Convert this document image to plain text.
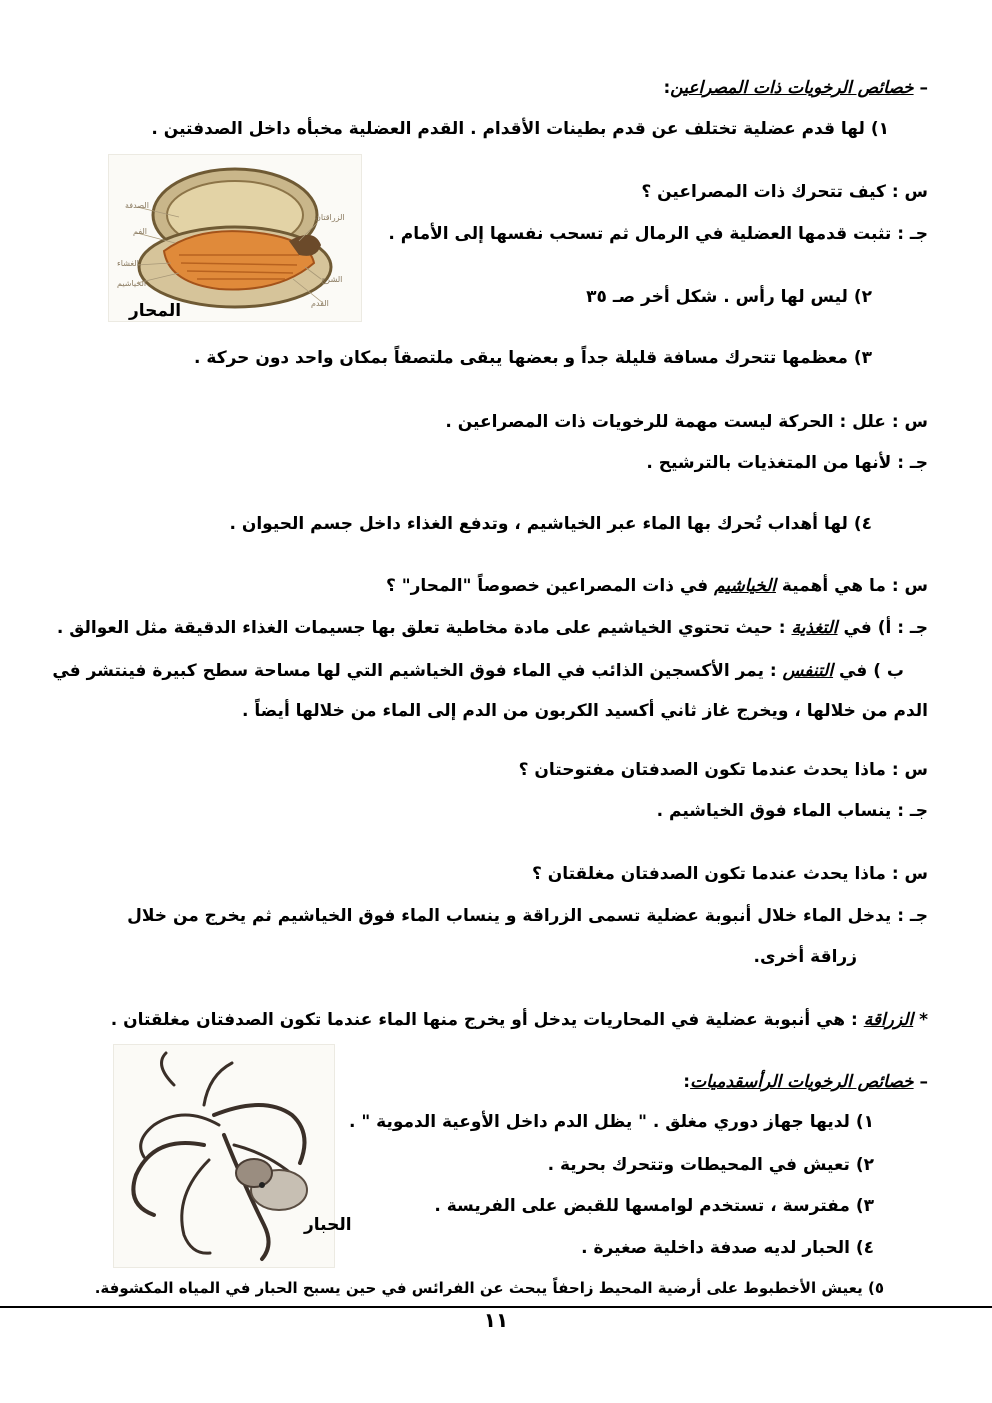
– خصائص الرخويات ذات المصراعين:
١) لها قدم عضلية تختلف عن قدم بطينات الأقدام . القدم العضلية مخبأه داخل الصدفتين .
س : كيف تتحرك ذات المصراعين ؟
جـ : تثبت قدمها العضلية في الرمال ثم تسحب نفسها إلى الأمام .
٢) ليس لها رأس . شكل أخر صـ ٣٥
٣) معظمها تتحرك مسافة قليلة جداً و بعضها يبقى ملتصقاً بمكان واحد دون حركة .
س : علل : الحركة ليست مهمة للرخويات ذات المصراعين .
جـ : لأنها من المتغذيات بالترشيح .
٤) لها أهداب تُحرك بها الماء عبر الخياشيم ، وتدفع الغذاء داخل جسم الحيوان .
س : ما هي أهمية الخياشيم في ذات المصراعين خصوصاً "المحار" ؟
جـ : أ) في التغذية : حيث تحتوي الخياشيم على مادة مخاطية تعلق بها جسيمات الغذاء الدقيقة مثل العوالق .
ب ) في التنفس : يمر الأكسجين الذائب في الماء فوق الخياشيم التي لها مساحة سطح كبيرة فينتشر في
الدم من خلالها ، ويخرج غاز ثاني أكسيد الكربون من الدم إلى الماء من خلالها أيضاً .
س : ماذا يحدث عندما تكون الصدفتان مفتوحتان ؟
جـ : ينساب الماء فوق الخياشيم .
س : ماذا يحدث عندما تكون الصدفتان مغلقتان ؟
جـ : يدخل الماء خلال أنبوبة عضلية تسمى الزراقة و ينساب الماء فوق الخياشيم ثم يخرج من خلال
زراقة أخرى.
* الزراقة : هي أنبوبة عضلية في المحاريات يدخل أو يخرج منها الماء عندما تكون الصدفتان مغلقتان .
– خصائص الرخويات الرأسقدميات:
١) لديها جهاز دوري مغلق . " يظل الدم داخل الأوعية الدموية " .
٢) تعيش في المحيطات وتتحرك بحرية .
٣) مفترسة ، تستخدم لوامسها للقبض على الفريسة .
٤) الحبار لديه صدفة داخلية صغيرة .
٥) يعيش الأخطبوط على أرضية المحيط زاحفاً يبحث عن الفرائس في حين يسبح الحبار في المياه المكشوفة.
الصدفة
الفم
الغشاء
الخياشيم
الزراقتان
الشرج
القدم
المحار
الحبار
١١
